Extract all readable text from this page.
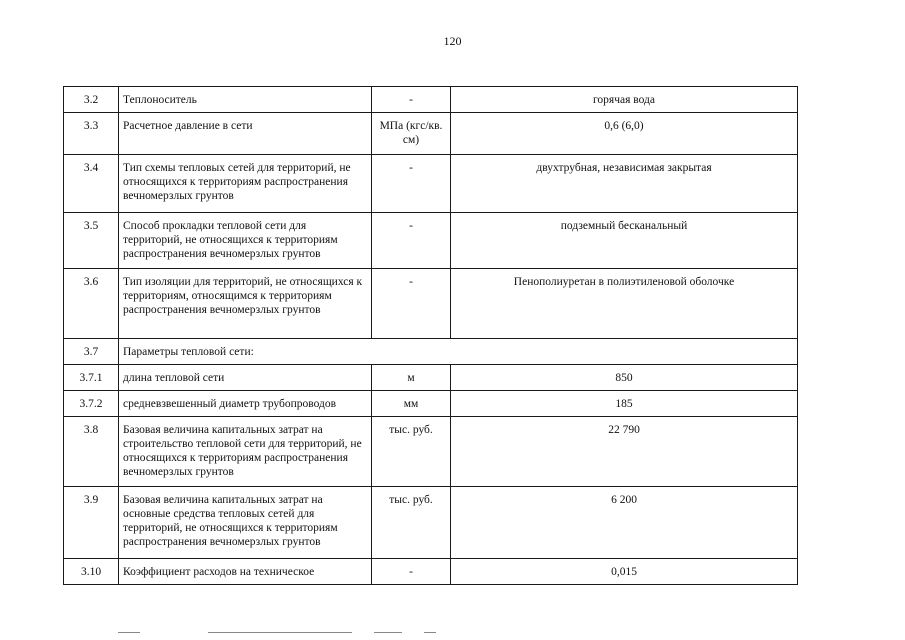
120
3.2	Теплоноситель	-	горячая вода
3.3	Расчетное давление в сети	МПа (кгс/кв. см)	0,6 (6,0)
3.4	Тип схемы тепловых сетей для территорий, не относящихся к территориям распространения вечномерзлых грунтов	-	двухтрубная, независимая закрытая
3.5	Способ прокладки тепловой сети для территорий, не относящихся к территориям распространения вечномерзлых грунтов	-	подземный бесканальный
3.6	Тип изоляции для территорий, не относящихся к территориям, относящимся к территориям распространения вечномерзлых грунтов	-	Пенополиуретан в полиэтиленовой оболочке
3.7	Параметры тепловой сети:		
3.7.1	длина тепловой сети	м	850
3.7.2	средневзвешенный диаметр трубопроводов	мм	185
3.8	Базовая величина капитальных затрат на строительство тепловой сети для территорий, не относящихся к территориям распространения вечномерзлых грунтов	тыс. руб.	22 790
3.9	Базовая величина капитальных затрат на основные средства тепловых сетей для территорий, не относящихся к территориям распространения вечномерзлых грунтов	тыс. руб.	6 200
3.10	Коэффициент расходов на техническое	-	0,015
